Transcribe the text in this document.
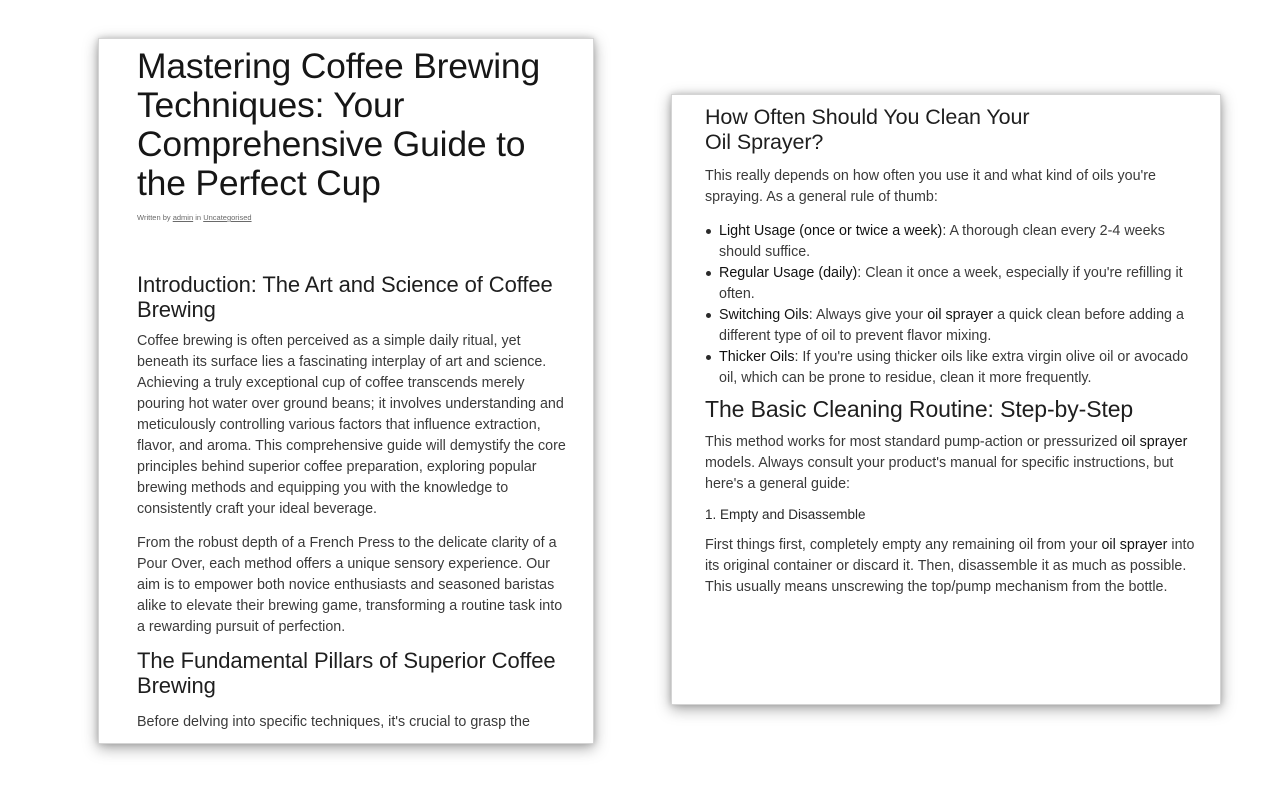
Mastering Coffee Brewing Techniques: Your Comprehensive Guide to the Perfect Cup
Written by admin in Uncategorised
Introduction: The Art and Science of Coffee Brewing

Coffee brewing is often perceived as a simple daily ritual, yet beneath its surface lies a fascinating interplay of art and science. Achieving a truly exceptional cup of coffee transcends merely pouring hot water over ground beans; it involves understanding and meticulously controlling various factors that influence extraction, flavor, and aroma. This comprehensive guide will demystify the core principles behind superior coffee preparation, exploring popular brewing methods and equipping you with the knowledge to consistently craft your ideal beverage.

From the robust depth of a French Press to the delicate clarity of a Pour Over, each method offers a unique sensory experience. Our aim is to empower both novice enthusiasts and seasoned baristas alike to elevate their brewing game, transforming a routine task into a rewarding pursuit of perfection.

The Fundamental Pillars of Superior Coffee Brewing

Before delving into specific techniques, it's crucial to grasp the

How Often Should You Clean Your
Oil Sprayer?

This really depends on how often you use it and what kind of oils you're spraying. As a general rule of thumb:

Light Usage (once or twice a week): A thorough clean every 2-4 weeks should suffice.
Regular Usage (daily): Clean it once a week, especially if you're refilling it often.
Switching Oils: Always give your oil sprayer a quick clean before adding a different type of oil to prevent flavor mixing.
Thicker Oils: If you're using thicker oils like extra virgin olive oil or avocado oil, which can be prone to residue, clean it more frequently.
The Basic Cleaning Routine: Step-by-Step

This method works for most standard pump-action or pressurized oil sprayer models. Always consult your product's manual for specific instructions, but here's a general guide:

1. Empty and Disassemble

First things first, completely empty any remaining oil from your oil sprayer into its original container or discard it. Then, disassemble it as much as possible. This usually means unscrewing the top/pump mechanism from the bottle.
